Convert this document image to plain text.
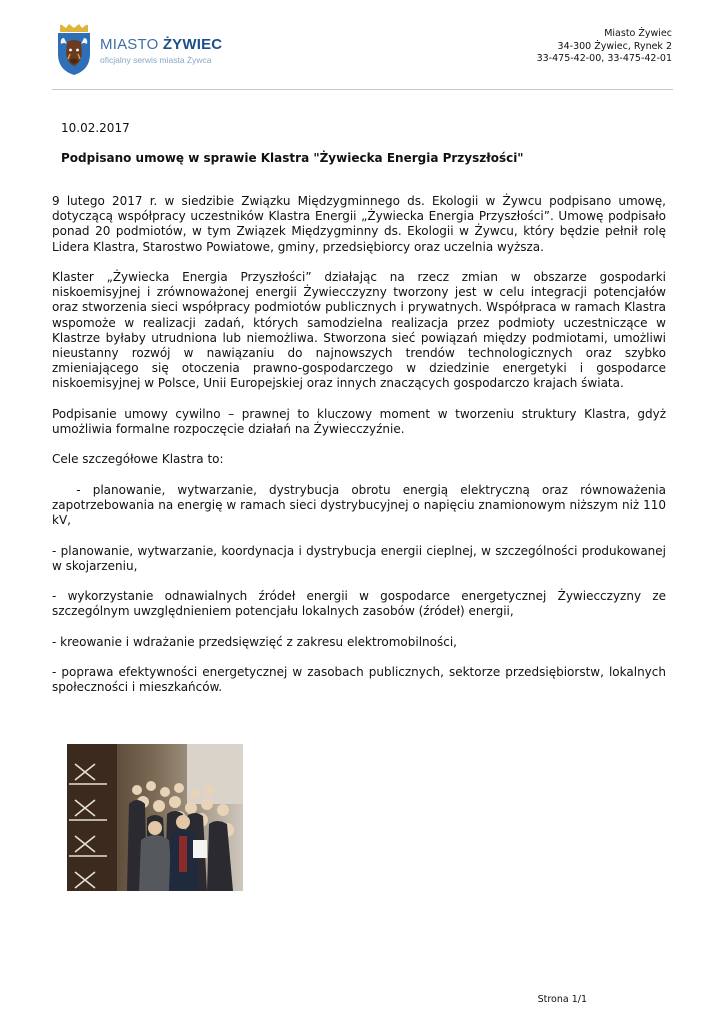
MIASTO ŻYWIEC
oficjalny serwis miasta Żywca
Miasto Żywiec
34-300 Żywiec, Rynek 2
33-475-42-00, 33-475-42-01
10.02.2017
Podpisano umowę w sprawie Klastra "Żywiecka Energia Przyszłości"

9 lutego 2017 r. w siedzibie Związku Międzygminnego ds. Ekologii w Żywcu podpisano umowę, dotyczącą współpracy uczestników Klastra Energii „Żywiecka Energia Przyszłości”. Umowę podpisało ponad 20 podmiotów, w tym Związek Międzygminny ds. Ekologii w Żywcu, który będzie pełnił rolę Lidera Klastra, Starostwo Powiatowe, gminy, przedsiębiorcy oraz uczelnia wyższa.

Klaster „Żywiecka Energia Przyszłości” działając na rzecz zmian w obszarze gospodarki niskoemisyjnej i zrównoważonej energii Żywiecczyzny tworzony jest w celu integracji potencjałów oraz stworzenia sieci współpracy podmiotów publicznych i prywatnych. Współpraca w ramach Klastra wspomoże w realizacji zadań, których samodzielna realizacja przez podmioty uczestniczące w Klastrze byłaby utrudniona lub niemożliwa. Stworzona sieć powiązań między podmiotami, umożliwi nieustanny rozwój w nawiązaniu do najnowszych trendów technologicznych oraz szybko zmieniającego się otoczenia prawno-gospodarczego w dziedzinie energetyki i gospodarce niskoemisyjnej w Polsce, Unii Europejskiej oraz innych znaczących gospodarczo krajach świata.

Podpisanie umowy cywilno – prawnej to kluczowy moment w tworzeniu struktury Klastra, gdyż umożliwia formalne rozpoczęcie działań na Żywiecczyźnie.

Cele szczegółowe Klastra to:

- planowanie, wytwarzanie, dystrybucja obrotu energią elektryczną oraz równoważenia zapotrzebowania na energię w ramach sieci dystrybucyjnej o napięciu znamionowym niższym niż 110 kV,

- planowanie, wytwarzanie, koordynacja i dystrybucja energii cieplnej, w szczególności produkowanej w skojarzeniu,

- wykorzystanie odnawialnych źródeł energii w gospodarce energetycznej Żywiecczyzny ze szczególnym uwzględnieniem potencjału lokalnych zasobów (źródeł) energii,

- kreowanie i wdrażanie przedsięwzięć z zakresu elektromobilności,

- poprawa efektywności energetycznej w zasobach publicznych, sektorze przedsiębiorstw, lokalnych społeczności i mieszkańców.

Strona 1/1
